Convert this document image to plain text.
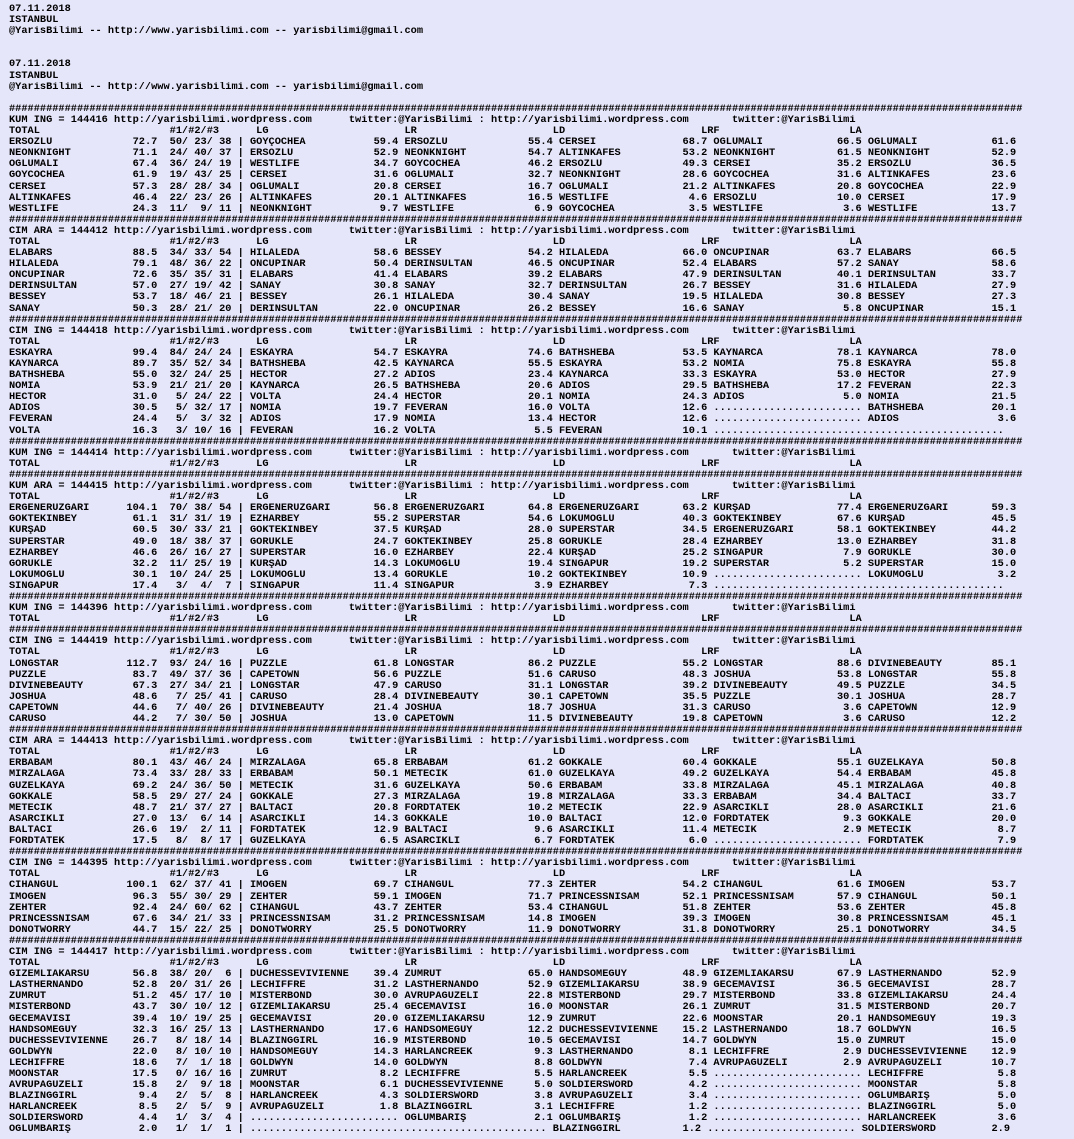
07.11.2018
ISTANBUL
@YarisBilimi -- http://www.yarisbilimi.com -- yarisbilimi@gmail.com

07.11.2018
ISTANBUL
@YarisBilimi -- http://www.yarisbilimi.com -- yarisbilimi@gmail.com

####################################################################################################################################################################
KUM ING = 144416 http://yarisbilimi.wordpress.com      twitter:@YarisBilimi : http://yarisbilimi.wordpress.com       twitter:@YarisBilimi
TOTAL                     #1/#2/#3      LG                      LR                      LD                      LRF                     LA
ERSOZLÜ             72.7  50/ 23/ 38 | GOYÇOCHEA           59.4 ERSÖZLÜ             55.4 CERSEI              68.7 OGLUMALİ            66.5 OGLUMALİ            61.6
NEONKNIGHT          71.1  24/ 40/ 37 | ERSÖZLÜ             52.9 NEONKNIGHT          54.7 ALTINKAFES          53.2 NEONKNIGHT          61.5 NEONKNIGHT          52.9
OGLUMALİ            67.4  36/ 24/ 19 | WESTLIFE            34.7 GOYCOCHEA           46.2 ERSÖZLÜ             49.3 CERSEI              35.2 ERSÖZLÜ             36.5
GOYCOCHEA           61.9  19/ 43/ 25 | CERSEI              31.6 OGLUMALİ            32.7 NEONKNIGHT          28.6 GOYCOCHEA           31.6 ALTINKAFES          23.6
CERSEI              57.3  28/ 28/ 34 | OGLUMALİ            20.8 CERSEI              16.7 OGLUMALİ            21.2 ALTINKAFES          20.8 GOYCOCHEA           22.9
ALTINKAFES          46.4  22/ 23/ 26 | ALTINKAFES          20.1 ALTINKAFES          16.5 WESTLIFE             4.6 ERSÖZLÜ             10.0 CERSEI              17.9
WESTLIFE            24.3  11/  9/ 11 | NEONKNIGHT           9.7 WESTLIFE             6.9 GOYCOCHEA            3.5 WESTLIFE             3.6 WESTLIFE            13.7
####################################################################################################################################################################
CIM ARA = 144412 http://yarisbilimi.wordpress.com      twitter:@YarisBilimi : http://yarisbilimi.wordpress.com       twitter:@YarisBilimi
TOTAL                     #1/#2/#3      LG                      LR                      LD                      LRF                     LA
ELABARS             88.5  34/ 33/ 54 | HİLALEDA            58.6 BESSEY              54.2 HİLALEDA            66.0 ONCUPINAR           63.7 ELABARS             66.5
HİLALEDA            79.1  48/ 36/ 22 | ONCUPINAR           50.4 DERİNSULTAN         46.5 ONCUPINAR           52.4 ELABARS             57.2 SANAY               58.6
ONCUPINAR           72.6  35/ 35/ 31 | ELABARS             41.4 ELABARS             39.2 ELABARS             47.9 DERİNSULTAN         40.1 DERİNSULTAN         33.7
DERİNSULTAN         57.0  27/ 19/ 42 | SANAY               30.8 SANAY               32.7 DERİNSULTAN         26.7 BESSEY              31.6 HİLALEDA            27.9
BESSEY              53.7  18/ 46/ 21 | BESSEY              26.1 HİLALEDA            30.4 SANAY               19.5 HİLALEDA            30.8 BESSEY              27.3
SANAY               50.3  28/ 21/ 20 | DERİNSULTAN         22.0 ONCUPINAR           26.2 BESSEY              16.6 SANAY                5.8 ONCUPINAR           15.1
####################################################################################################################################################################
CIM ING = 144418 http://yarisbilimi.wordpress.com      twitter:@YarisBilimi : http://yarisbilimi.wordpress.com       twitter:@YarisBilimi
TOTAL                     #1/#2/#3      LG                      LR                      LD                      LRF                     LA
ESKAYRA             99.4  84/ 24/ 24 | ESKAYRA             54.7 ESKAYRA             74.6 BATHSHEBA           53.5 KAYNARCA            78.1 KAYNARCA            78.0
KAYNARCA            89.7  35/ 52/ 34 | BATHSHEBA           42.5 KAYNARCA            55.5 ESKAYRA             53.2 NOMIA               75.8 ESKAYRA             55.8
BATHSHEBA           55.0  32/ 24/ 25 | HECTOR              27.2 ADIOS               23.4 KAYNARCA            33.3 ESKAYRA             53.0 HECTOR              27.9
NOMIA               53.9  21/ 21/ 20 | KAYNARCA            26.5 BATHSHEBA           20.6 ADIOS               29.5 BATHSHEBA           17.2 FEVERAN             22.3
HECTOR              31.0   5/ 24/ 22 | VOLTA               24.4 HECTOR              20.1 NOMIA               24.3 ADIOS                5.0 NOMIA               21.5
ADIOS               30.5   5/ 32/ 17 | NOMIA               19.7 FEVERAN             16.0 VOLTA               12.6 ........................ BATHSHEBA           20.1
FEVERAN             24.4   5/  3/ 32 | ADIOS               17.9 NOMIA               13.4 HECTOR              12.6 ........................ ADIOS                3.6
VOLTA               16.3   3/ 10/ 16 | FEVERAN             16.2 VOLTA                5.5 FEVERAN             10.1 ...............................................
####################################################################################################################################################################
KUM ING = 144414 http://yarisbilimi.wordpress.com      twitter:@YarisBilimi : http://yarisbilimi.wordpress.com       twitter:@YarisBilimi
TOTAL                     #1/#2/#3      LG                      LR                      LD                      LRF                     LA
####################################################################################################################################################################
KUM ARA = 144415 http://yarisbilimi.wordpress.com      twitter:@YarisBilimi : http://yarisbilimi.wordpress.com       twitter:@YarisBilimi
TOTAL                     #1/#2/#3      LG                      LR                      LD                      LRF                     LA
ERGENERÜZGARI      104.1  70/ 38/ 54 | ERGENERÜZGARI       56.8 ERGENERÜZGARI       64.8 ERGENERÜZGARI       63.2 KURŞAD              77.4 ERGENERÜZGARI       59.3
GÖKTEKİNBEY         61.1  31/ 31/ 19 | EZHARBEY            55.2 SÜPERSTAR           54.6 LOKUMOGLU           40.3 GÖKTEKİNBEY         67.6 KURŞAD              45.5
KURŞAD              60.5  30/ 33/ 21 | GÖKTEKİNBEY         37.5 KURŞAD              28.0 SÜPERSTAR           34.5 ERGENERÜZGARI       58.1 GÖKTEKİNBEY         44.2
SÜPERSTAR           49.0  18/ 38/ 37 | GÖRÜKLE             24.7 GÖKTEKİNBEY         25.8 GÖRÜKLE             28.4 EZHARBEY            13.0 EZHARBEY            31.8
EZHARBEY            46.6  26/ 16/ 27 | SÜPERSTAR           16.0 EZHARBEY            22.4 KURŞAD              25.2 SİNGAPUR             7.9 GÖRÜKLE             30.0
GÖRÜKLE             32.2  11/ 25/ 19 | KURŞAD              14.3 LOKUMOGLU           19.4 SİNGAPUR            19.2 SÜPERSTAR            5.2 SÜPERSTAR           15.0
LOKUMOGLU           30.1  10/ 24/ 25 | LOKUMOGLU           13.4 GÖRÜKLE             10.2 GÖKTEKİNBEY         10.9 ........................ LOKUMOGLU            3.2
SİNGAPUR            17.4   3/  4/  7 | SİNGAPUR            11.4 SİNGAPUR             3.9 EZHARBEY             7.3 ...............................................
####################################################################################################################################################################
KUM ING = 144396 http://yarisbilimi.wordpress.com      twitter:@YarisBilimi : http://yarisbilimi.wordpress.com       twitter:@YarisBilimi
TOTAL                     #1/#2/#3      LG                      LR                      LD                      LRF                     LA
####################################################################################################################################################################
CIM ING = 144419 http://yarisbilimi.wordpress.com      twitter:@YarisBilimi : http://yarisbilimi.wordpress.com       twitter:@YarisBilimi
TOTAL                     #1/#2/#3      LG                      LR                      LD                      LRF                     LA
LONGSTAR           112.7  93/ 24/ 16 | PUZZLE              61.8 LONGSTAR            86.2 PUZZLE              55.2 LONGSTAR            88.6 DIVINEBEAUTY        85.1
PUZZLE              83.7  49/ 37/ 36 | CAPETOWN            56.6 PUZZLE              51.6 CARUSO              48.3 JOSHUA              53.8 LONGSTAR            55.8
DIVINEBEAUTY        67.3  27/ 34/ 21 | LONGSTAR            47.9 CARUSO              31.1 LONGSTAR            39.2 DIVINEBEAUTY        49.5 PUZZLE              34.5
JOSHUA              48.6   7/ 25/ 41 | CARUSO              28.4 DIVINEBEAUTY        30.1 CAPETOWN            35.5 PUZZLE              30.1 JOSHUA              28.7
CAPETOWN            44.6   7/ 40/ 26 | DIVINEBEAUTY        21.4 JOSHUA              18.7 JOSHUA              31.3 CARUSO               3.6 CAPETOWN            12.9
CARUSO              44.2   7/ 30/ 50 | JOSHUA              13.0 CAPETOWN            11.5 DIVINEBEAUTY        19.8 CAPETOWN             3.6 CARUSO              12.2
####################################################################################################################################################################
CIM ARA = 144413 http://yarisbilimi.wordpress.com      twitter:@YarisBilimi : http://yarisbilimi.wordpress.com       twitter:@YarisBilimi
TOTAL                     #1/#2/#3      LG                      LR                      LD                      LRF                     LA
ERBABAM             80.1  43/ 46/ 24 | MIRZALAGA           65.8 ERBABAM             61.2 GÖKKALE             60.4 GÖKKALE             55.1 GÜZELKAYA           50.8
MIRZALAGA           73.4  33/ 28/ 33 | ERBABAM             50.1 METECİK             61.0 GÜZELKAYA           49.2 GÜZELKAYA           54.4 ERBABAM             45.8
GÜZELKAYA           69.2  24/ 36/ 50 | METECİK             31.6 GÜZELKAYA           50.6 ERBABAM             33.8 MIRZALAGA           45.1 MIRZALAGA           40.8
GÖKKALE             58.5  29/ 27/ 24 | GÖKKALE             27.3 MIRZALAGA           19.8 MIRZALAGA           33.3 ERBABAM             34.4 BALTACI             33.7
METECİK             48.7  21/ 37/ 27 | BALTACI             20.8 FORDTATEK           10.2 METECİK             22.9 ASARCIKLI           28.0 ASARCIKLI           21.6
ASARCIKLI           27.0  13/  6/ 14 | ASARCIKLI           14.3 GÖKKALE             10.0 BALTACI             12.0 FORDTATEK            9.3 GÖKKALE             20.0
BALTACI             26.6  19/  2/ 11 | FORDTATEK           12.9 BALTACI              9.6 ASARCIKLI           11.4 METECİK              2.9 METECİK              8.7
FORDTATEK           17.5   8/  8/ 17 | GÜZELKAYA            6.5 ASARCIKLI            6.7 FORDTATEK            6.0 ........................ FORDTATEK            7.9
####################################################################################################################################################################
CIM ING = 144395 http://yarisbilimi.wordpress.com      twitter:@YarisBilimi : http://yarisbilimi.wordpress.com       twitter:@YarisBilimi
TOTAL                     #1/#2/#3      LG                      LR                      LD                      LRF                     LA
CİHANGÜL           100.1  62/ 37/ 41 | IMOGEN              69.7 CİHANGÜL            77.3 ZEHTER              54.2 CİHANGÜL            61.6 IMOGEN              53.7
IMOGEN              96.3  55/ 30/ 29 | ZEHTER              59.1 IMOGEN              71.7 PRINCESSNİSAM       52.1 PRINCESSNİSAM       57.9 CİHANGÜL            50.1
ZEHTER              92.4  24/ 60/ 62 | CİHANGÜL            43.7 ZEHTER              53.4 CİHANGÜL            51.8 ZEHTER              53.6 ZEHTER              45.8
PRINCESSNİSAM       67.6  34/ 21/ 33 | PRINCESSNİSAM       31.2 PRINCESSNİSAM       14.8 IMOGEN              39.3 IMOGEN              30.8 PRINCESSNİSAM       45.1
DONOTWORRY          44.7  15/ 22/ 25 | DONOTWORRY          25.5 DONOTWORRY          11.9 DONOTWORRY          31.8 DONOTWORRY          25.1 DONOTWORRY          34.5
####################################################################################################################################################################
CIM ING = 144417 http://yarisbilimi.wordpress.com      twitter:@YarisBilimi : http://yarisbilimi.wordpress.com       twitter:@YarisBilimi
TOTAL                     #1/#2/#3      LG                      LR                      LD                      LRF                     LA
GİZEMLİAKARSU       56.8  38/ 20/  6 | DUCHESSEVIVIENNE    39.4 ZÜMRÜT              65.0 HANDSOMEGUY         48.9 GİZEMLİAKARSU       67.9 LASTHERNANDO        52.9
LASTHERNANDO        52.8  20/ 31/ 26 | LECHIFFRE           31.2 LASTHERNANDO        52.9 GİZEMLİAKARSU       38.9 GECEMAVİSİ          36.5 GECEMAVİSİ          28.7
ZÜMRÜT              51.2  45/ 17/ 10 | MISTERBOND          30.0 AVRUPAGÜZELİ        22.8 MISTERBOND          29.7 MISTERBOND          33.8 GİZEMLİAKARSU       24.4
MISTERBOND          43.7  30/ 10/ 12 | GİZEMLİAKARSU       25.4 GECEMAVİSİ          16.0 MOONSTAR            26.1 ZÜMRÜT              31.5 MISTERBOND          20.7
GECEMAVİSİ          39.4  10/ 19/ 25 | GECEMAVİSİ          20.0 GİZEMLİAKARSU       12.9 ZÜMRÜT              22.6 MOONSTAR            20.1 HANDSOMEGUY         19.3
HANDSOMEGUY         32.3  16/ 25/ 13 | LASTHERNANDO        17.6 HANDSOMEGUY         12.2 DUCHESSEVIVIENNE    15.2 LASTHERNANDO        18.7 GOLDWYN             16.5
DUCHESSEVIVIENNE    26.7   8/ 18/ 14 | BLAZINGGIRL         16.9 MISTERBOND          10.5 GECEMAVİSİ          14.7 GOLDWYN             15.0 ZÜMRÜT              15.0
GOLDWYN             22.0   8/ 10/ 10 | HANDSOMEGUY         14.3 HARLANCREEK          9.3 LASTHERNANDO         8.1 LECHIFFRE            2.9 DUCHESSEVIVIENNE    12.9
LECHIFFRE           18.6   7/  1/ 18 | GOLDWYN             14.0 GOLDWYN              8.8 GOLDWYN              7.4 AVRUPAGÜZELİ         2.9 AVRUPAGÜZELİ        10.7
MOONSTAR            17.5   0/ 16/ 16 | ZÜMRÜT               8.2 LECHIFFRE            5.5 HARLANCREEK          5.5 ........................ LECHIFFRE            5.8
AVRUPAGÜZELİ        15.8   2/  9/ 18 | MOONSTAR             6.1 DUCHESSEVIVIENNE     5.0 SOLDIERSWORD         4.2 ........................ MOONSTAR             5.8
BLAZINGGIRL          9.4   2/  5/  8 | HARLANCREEK          4.3 SOLDIERSWORD         3.8 AVRUPAGÜZELİ         3.4 ........................ OGLUMBARIŞ           5.0
HARLANCREEK          8.5   2/  5/  9 | AVRUPAGÜZELİ         1.8 BLAZINGGIRL          3.1 LECHIFFRE            1.2 ........................ BLAZINGGIRL          5.0
SOLDIERSWORD         4.4   1/  3/  4 | ........................ OGLUMBARIŞ           2.1 OGLUMBARIŞ           1.2 ........................ HARLANCREEK          3.6
OGLUMBARIŞ           2.0   1/  1/  1 | ................................................ BLAZINGGIRL          1.2 ........................ SOLDIERSWORD         2.9
